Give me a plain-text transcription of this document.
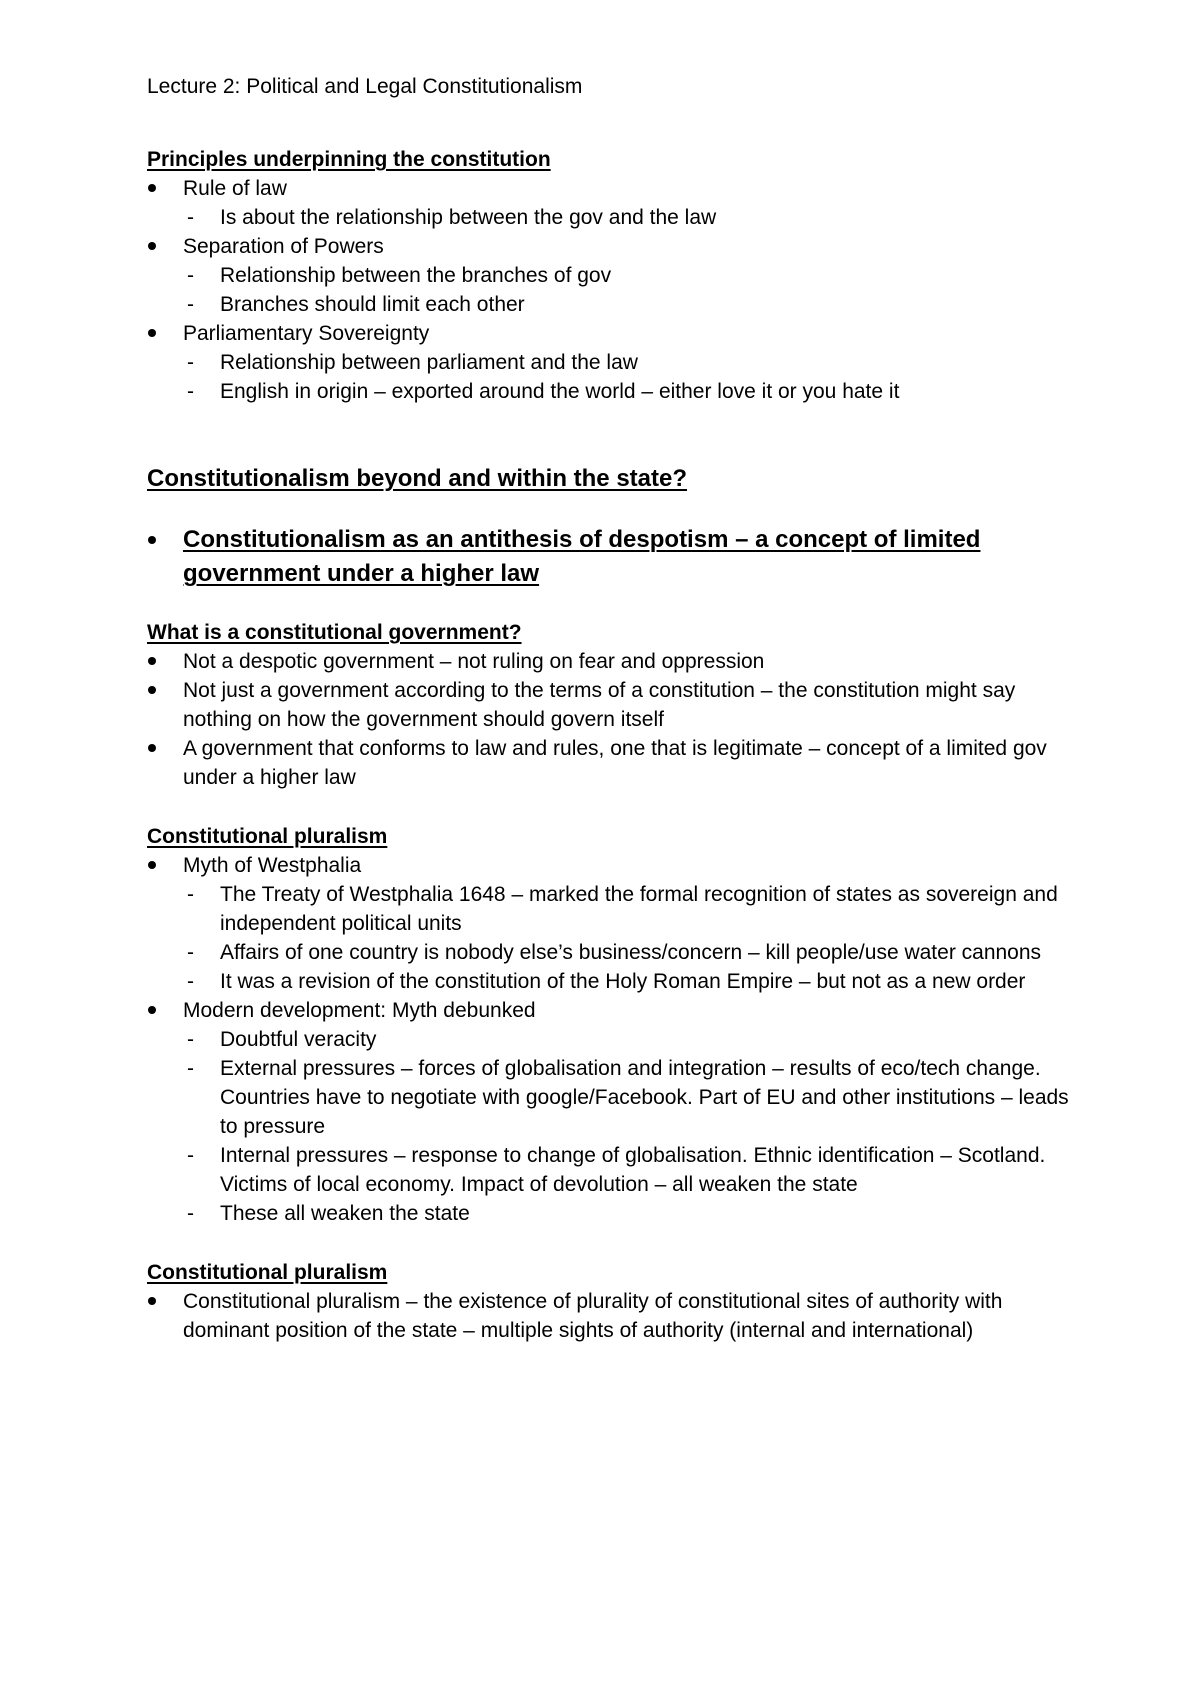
Lecture 2: Political and Legal Constitutionalism
Principles underpinning the constitution
Rule of law
- Is about the relationship between the gov and the law
Separation of Powers
- Relationship between the branches of gov
- Branches should limit each other
Parliamentary Sovereignty
- Relationship between parliament and the law
- English in origin – exported around the world – either love it or you hate it
Constitutionalism beyond and within the state?
Constitutionalism as an antithesis of despotism – a concept of limited government under a higher law
What is a constitutional government?
Not a despotic government – not ruling on fear and oppression
Not just a government according to the terms of a constitution – the constitution might say nothing on how the government should govern itself
A government that conforms to law and rules, one that is legitimate – concept of a limited gov under a higher law
Constitutional pluralism
Myth of Westphalia
- The Treaty of Westphalia 1648 – marked the formal recognition of states as sovereign and independent political units
- Affairs of one country is nobody else’s business/concern – kill people/use water cannons
- It was a revision of the constitution of the Holy Roman Empire – but not as a new order
Modern development: Myth debunked
- Doubtful veracity
- External pressures – forces of globalisation and integration – results of eco/tech change. Countries have to negotiate with google/Facebook. Part of EU and other institutions – leads to pressure
- Internal pressures – response to change of globalisation. Ethnic identification – Scotland. Victims of local economy. Impact of devolution – all weaken the state
- These all weaken the state
Constitutional pluralism
Constitutional pluralism – the existence of plurality of constitutional sites of authority with dominant position of the state – multiple sights of authority (internal and international)
